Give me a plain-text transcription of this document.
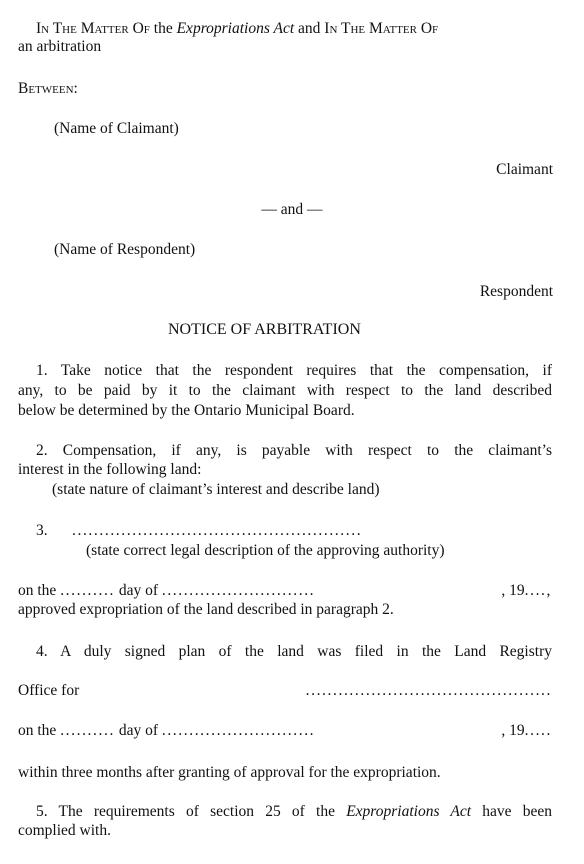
In The Matter Of the Expropriations Act and In The Matter Of
an arbitration
Between:
(Name of Claimant)
Claimant
— and —
(Name of Respondent)
Respondent
NOTICE OF ARBITRATION
1. Take notice that the respondent requires that the compensation, if
any, to be paid by it to the claimant with respect to the land described
below be determined by the Ontario Municipal Board.
2. Compensation, if any, is payable with respect to the claimant’s
interest in the following land:
(state nature of claimant’s interest and describe land)
3. .....................................................
(state correct legal description of the approving authority)
on the .......... day of ............................	, 19....,
approved expropriation of the land described in paragraph 2.
4. A duly signed plan of the land was filed in the Land Registry
Office for	.............................................
on the .......... day of ............................	, 19.....
within three months after granting of approval for the expropriation.
5. The requirements of section 25 of the Expropriations Act have been
complied with.
